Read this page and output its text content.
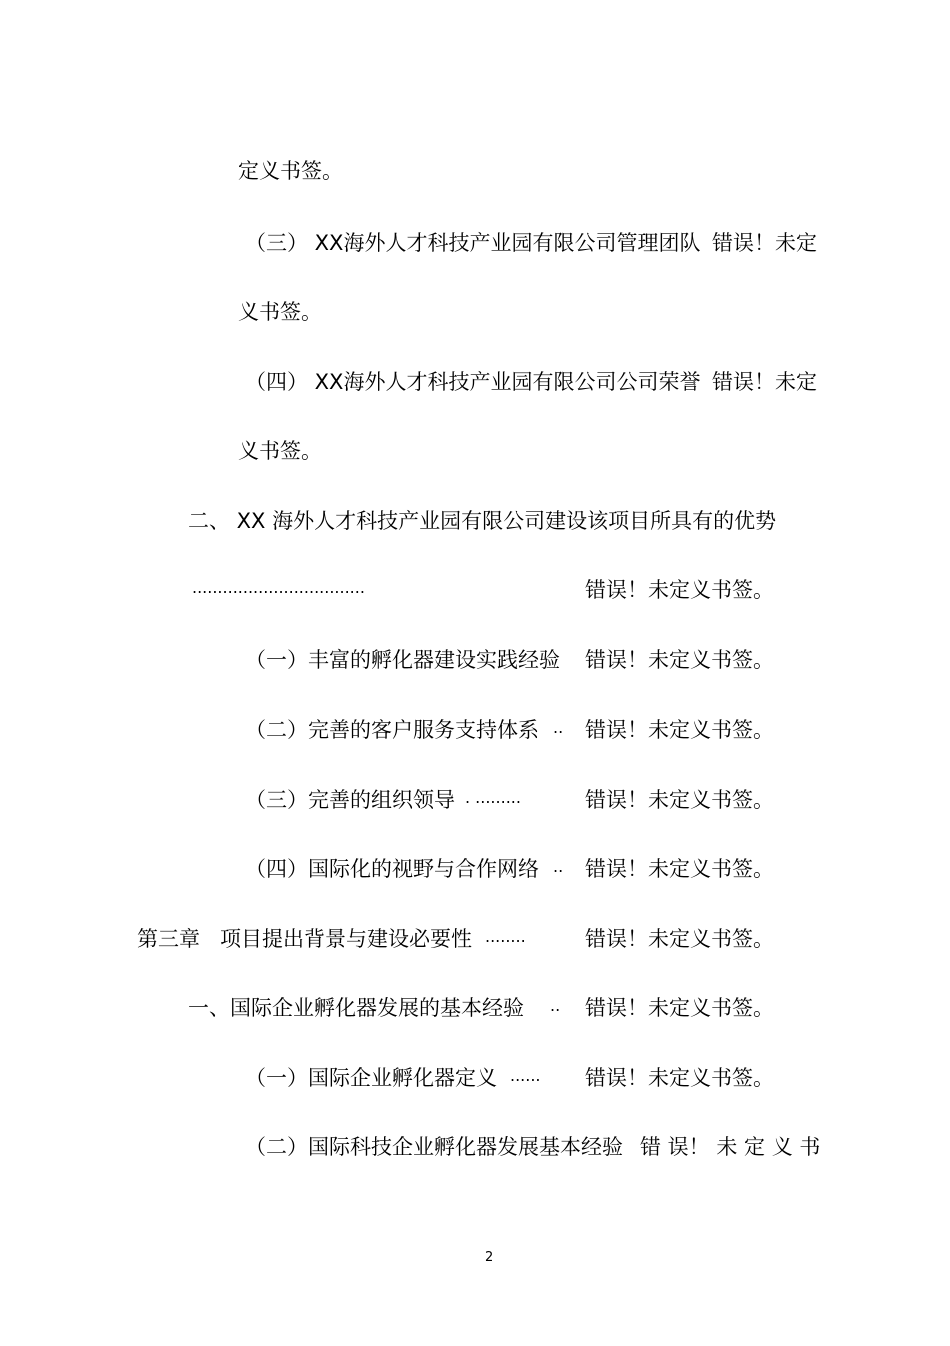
定义书签。
（三） XX海外人才科技产业园有限公司管理团队 错误！未定
义书签。
（四） XX海外人才科技产业园有限公司公司荣誉 错误！未定
义书签。
二、 XX 海外人才科技产业园有限公司建设该项目所具有的优势
..................................	错误！未定义书签。
（一）丰富的孵化器建设实践经验 错误！未定义书签。
（二）完善的客户服务支持体系 .. 错误！未定义书签。
（三）完善的组织领导 . .........	错误！未定义书签。
（四）国际化的视野与合作网络 .. 错误！未定义书签。
第三章   项目提出背景与建设必要性 ........	错误！未定义书签。
一、国际企业孵化器发展的基本经验 .. 错误！未定义书签。
（一）国际企业孵化器定义 ...... 错误！未定义书签。
（二）国际科技企业孵化器发展基本经验 错 误！ 未 定 义 书
2
